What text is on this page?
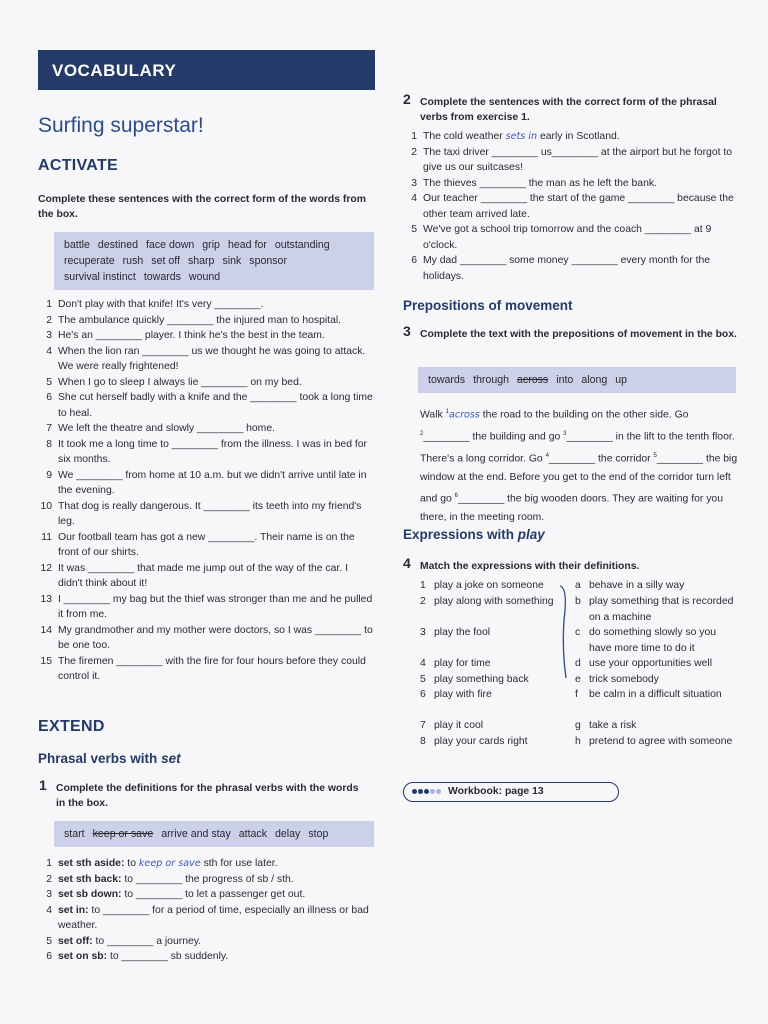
VOCABULARY
Surfing superstar!
ACTIVATE
Complete these sentences with the correct form of the words from the box.
battle destined face down grip head for outstandingrecuperate rush set off sharp sink sponsorsurvival instinct towards wound
1 Don't play with that knife! It's very ________.
2 The ambulance quickly ________ the injured man to hospital.
3 He's an ________ player. I think he's the best in the team.
4 When the lion ran ________ us we thought he was going to attack. We were really frightened!
5 When I go to sleep I always lie ________ on my bed.
6 She cut herself badly with a knife and the ________ took a long time to heal.
7 We left the theatre and slowly ________ home.
8 It took me a long time to ________ from the illness. I was in bed for six months.
9 We ________ from home at 10 a.m. but we didn't arrive until late in the evening.
10 That dog is really dangerous. It ________ its teeth into my friend's leg.
11 Our football team has got a new ________. Their name is on the front of our shirts.
12 It was ________ that made me jump out of the way of the car. I didn't think about it!
13 I ________ my bag but the thief was stronger than me and he pulled it from me.
14 My grandmother and my mother were doctors, so I was ________ to be one too.
15 The firemen ________ with the fire for four hours before they could control it.
EXTEND
Phrasal verbs with set
1 Complete the definitions for the phrasal verbs with the words in the box.
start keep or save arrive and stay attack delay stop
1 set sth aside: to keep or save sth for use later.
2 set sth back: to ________ the progress of sb / sth.
3 set sb down: to ________ to let a passenger get out.
4 set in: to ________ for a period of time, especially an illness or bad weather.
5 set off: to ________ a journey.
6 set on sb: to ________ sb suddenly.
2 Complete the sentences with the correct form of the phrasal verbs from exercise 1.
1 The cold weather sets in early in Scotland.
2 The taxi driver ________ us________ at the airport but he forgot to give us our suitcases!
3 The thieves ________ the man as he left the bank.
4 Our teacher ________ the start of the game ________ because the other team arrived late.
5 We've got a school trip tomorrow and the coach ________ at 9 o'clock.
6 My dad ________ some money ________ every month for the holidays.
Prepositions of movement
3 Complete the text with the prepositions of movement in the box.
towards through across into along up
Walk $^1$across the road to the building on the other side. Go $^2$________ the building and go $^3$________ in the lift to the tenth floor. There's a long corridor. Go $^4$________ the corridor $^5$________ the big window at the end. Before you get to the end of the corridor turn left and go $^6$________ the big wooden doors. They are waiting for you there, in the meeting room.
Expressions with play
4 Match the expressions with their definitions.
1 play a joke on someone
2 play along with something
3 play the fool
4 play for time
5 play something back
6 play with fire
7 play it cool
8 play your cards right
a behave in a silly way
b play something that is recorded on a machine
c do something slowly so you have more time to do it
d use your opportunities well
e trick somebody
f	be calm in a difficult situation
g take a risk
h pretend to agree with someone
Workbook: page 13
